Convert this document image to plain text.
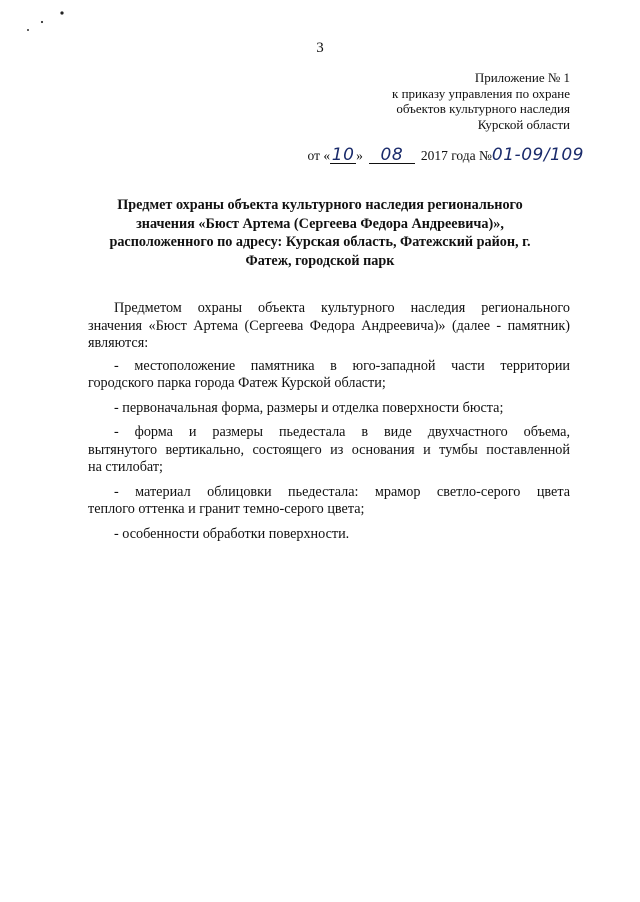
3
Приложение № 1
к приказу управления по охране
объектов культурного наследия
Курской области
от « 10 »	08	2017 года № 01-09/109
Предмет охраны объекта культурного наследия регионального
значения «Бюст Артема (Сергеева Федора Андреевича)»,
расположенного по адресу: Курская область, Фатежский район, г.
Фатеж, городской парк
Предметом охраны объекта культурного наследия регионального
значения «Бюст Артема (Сергеева Федора Андреевича)» (далее - памятник)
являются:
- местоположение памятника в юго-западной части территории
городского парка города Фатеж Курской области;
- первоначальная форма, размеры и отделка поверхности бюста;
- форма и размеры пьедестала в виде двухчастного объема,
вытянутого вертикально, состоящего из основания и тумбы поставленной
на стилобат;
- материал облицовки пьедестала: мрамор светло-серого цвета
теплого оттенка и гранит темно-серого цвета;
- особенности обработки поверхности.
